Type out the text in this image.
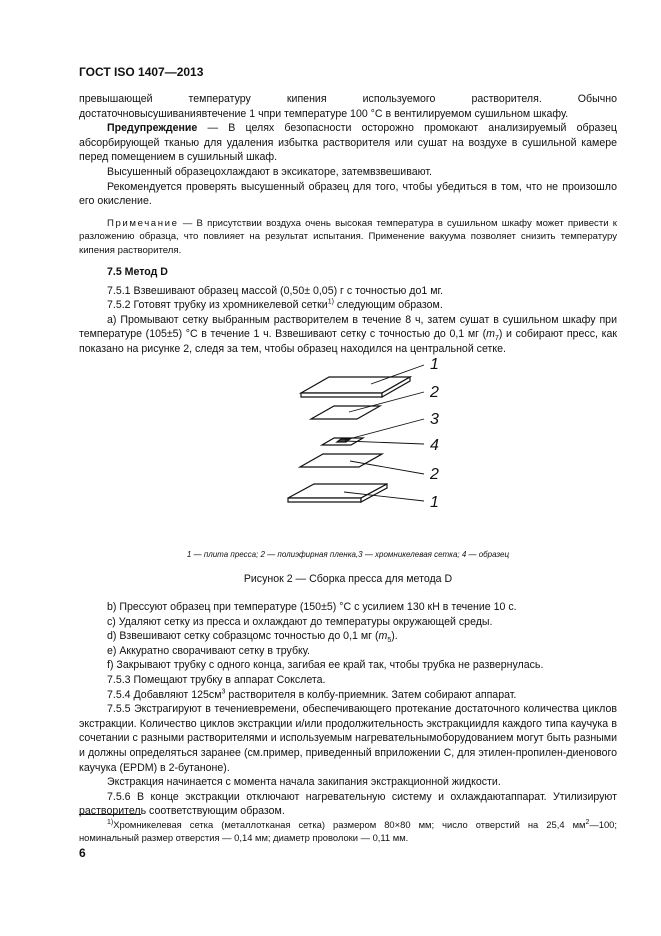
ГОСТ ISO 1407—2013

превышающей температуру кипения используемого растворителя. Обычно достаточновысушиваниявтечение 1 чпри температуре 100 °С в вентилируемом сушильном шкафу.

Предупреждение — В целях безопасности осторожно промокают анализируемый образец абсорбирующей тканью для удаления избытка растворителя или сушат на воздухе в сушильной камере перед помещением в сушильный шкаф.

Высушенный образецохлаждают в эксикаторе, затемвзвешивают.

Рекомендуется проверять высушенный образец для того, чтобы убедиться в том, что не произошло его окисление.

Примечание — В присутствии воздуха очень высокая температура в сушильном шкафу может привести к разложению образца, что повлияет на результат испытания. Применение вакуума позволяет снизить температуру кипения растворителя.

7.5 Метод D

7.5.1 Взвешивают образец массой (0,50± 0,05) г с точностью до1 мг.

7.5.2 Готовят трубку из хромникелевой сетки$^{1)}$ следующим образом.

а) Промывают сетку выбранным растворителем в течение 8 ч, затем сушат в сушильном шкафу при температуре (105±5) °С в течение 1 ч. Взвешивают сетку с точностью до 0,1 мг $(m_7)$ и собирают пресс, как показано на рисунке 2, следя за тем, чтобы образец находился на центральной сетке.

1
2
3
4
2
1
1 — плита пресса; 2 — полиэфирная пленка,3 — хромникелевая сетка; 4 — образец
Рисунок 2 — Сборка пресса для метода D

b) Прессуют образец при температуре (150±5) °С с усилием 130 кН в течение 10 с.

c) Удаляют сетку из пресса и охлаждают до температуры окружающей среды.

d) Взвешивают сетку собразцомс точностью до 0,1 мг $(m_5)$.

e) Аккуратно сворачивают сетку в трубку.

f) Закрывают трубку с одного конца, загибая ее край так, чтобы трубка не развернулась.

7.5.3 Помещают трубку в аппарат Сокслета.

7.5.4 Добавляют $125см^3$ растворителя в колбу-приемник. Затем собирают аппарат.

7.5.5 Экстрагируют в течениевремени, обеспечивающего протекание достаточного количества циклов экстракции. Количество циклов экстракции и/или продолжительность экстракциидля каждого типа каучука в сочетании с разными растворителями и используемым нагревательнымоборудованием могут быть разными и должны определяться заранее (см.пример, приведенный вприложении С, для этилен-пропилен-диенового каучука (EPDM) в 2-бутаноне).

Экстракция начинается с момента начала закипания экстракционной жидкости.

7.5.6 В конце экстракции отключают нагревательную систему и охлаждаютаппарат. Утилизируют растворитель соответствующим образом.

$^{1)}$Хромникелевая сетка (металлотканая сетка) размером 80×80 мм; число отверстий на 25,4 $мм^2—100$; номинальный размер отверстия — 0,14 мм; диаметр проволоки — 0,11 мм.

6
